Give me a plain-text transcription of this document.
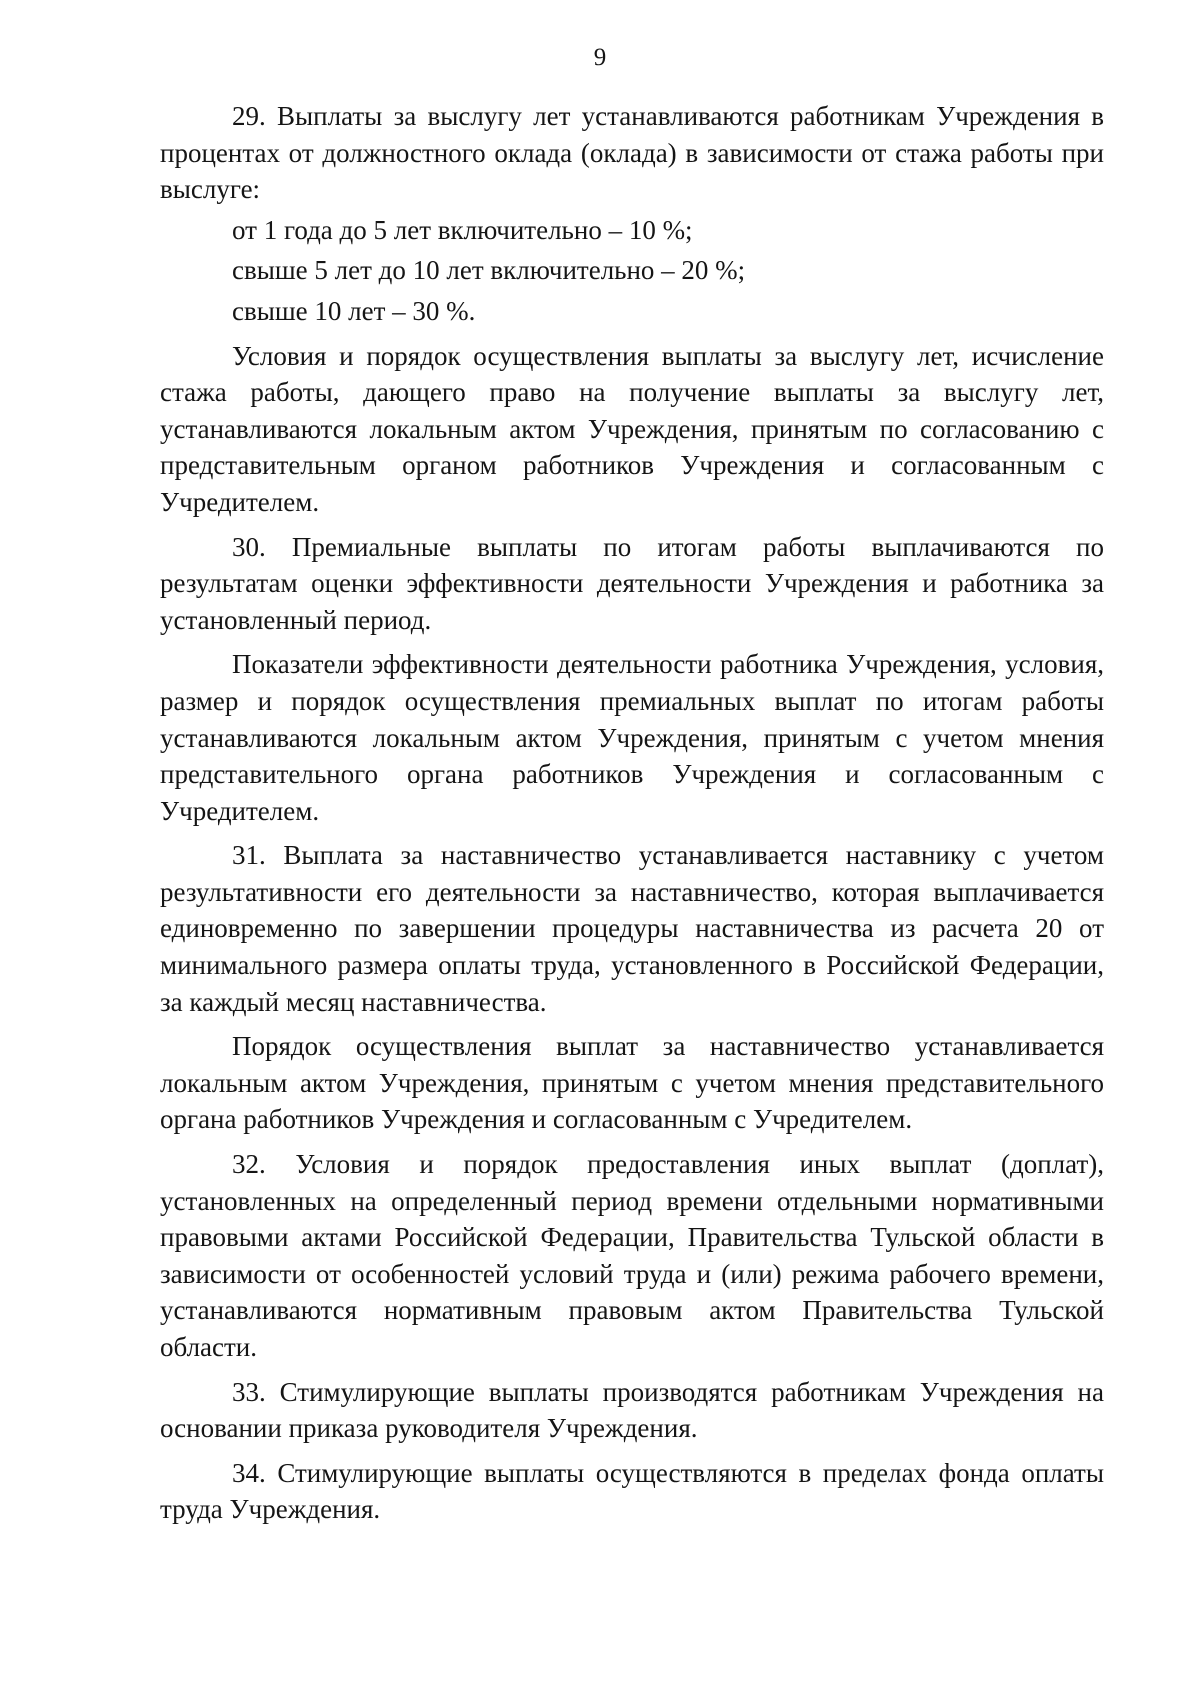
9

29. Выплаты за выслугу лет устанавливаются работникам Учреждения в процентах от должностного оклада (оклада) в зависимости от стажа работы при выслуге:

от 1 года до 5 лет включительно – 10 %;

свыше 5 лет до 10 лет включительно – 20 %;

свыше 10 лет – 30 %.

Условия и порядок осуществления выплаты за выслугу лет, исчисление стажа работы, дающего право на получение выплаты за выслугу лет, устанавливаются локальным актом Учреждения, принятым по согласованию с представительным органом работников Учреждения и согласованным с Учредителем.

30. Премиальные выплаты по итогам работы выплачиваются по результатам оценки эффективности деятельности Учреждения и работника за установленный период.

Показатели эффективности деятельности работника Учреждения, условия, размер и порядок осуществления премиальных выплат по итогам работы устанавливаются локальным актом Учреждения, принятым с учетом мнения представительного органа работников Учреждения и согласованным с Учредителем.

31. Выплата за наставничество устанавливается наставнику с учетом результативности его деятельности за наставничество, которая выплачивается единовременно по завершении процедуры наставничества из расчета 20 от минимального размера оплаты труда, установленного в Российской Федерации, за каждый месяц наставничества.

Порядок осуществления выплат за наставничество устанавливается локальным актом Учреждения, принятым с учетом мнения представительного органа работников Учреждения и согласованным с Учредителем.

32. Условия и порядок предоставления иных выплат (доплат), установленных на определенный период времени отдельными нормативными правовыми актами Российской Федерации, Правительства Тульской области в зависимости от особенностей условий труда и (или) режима рабочего времени, устанавливаются нормативным правовым актом Правительства Тульской области.

33. Стимулирующие выплаты производятся работникам Учреждения на основании приказа руководителя Учреждения.

34. Стимулирующие выплаты осуществляются в пределах фонда оплаты труда Учреждения.
